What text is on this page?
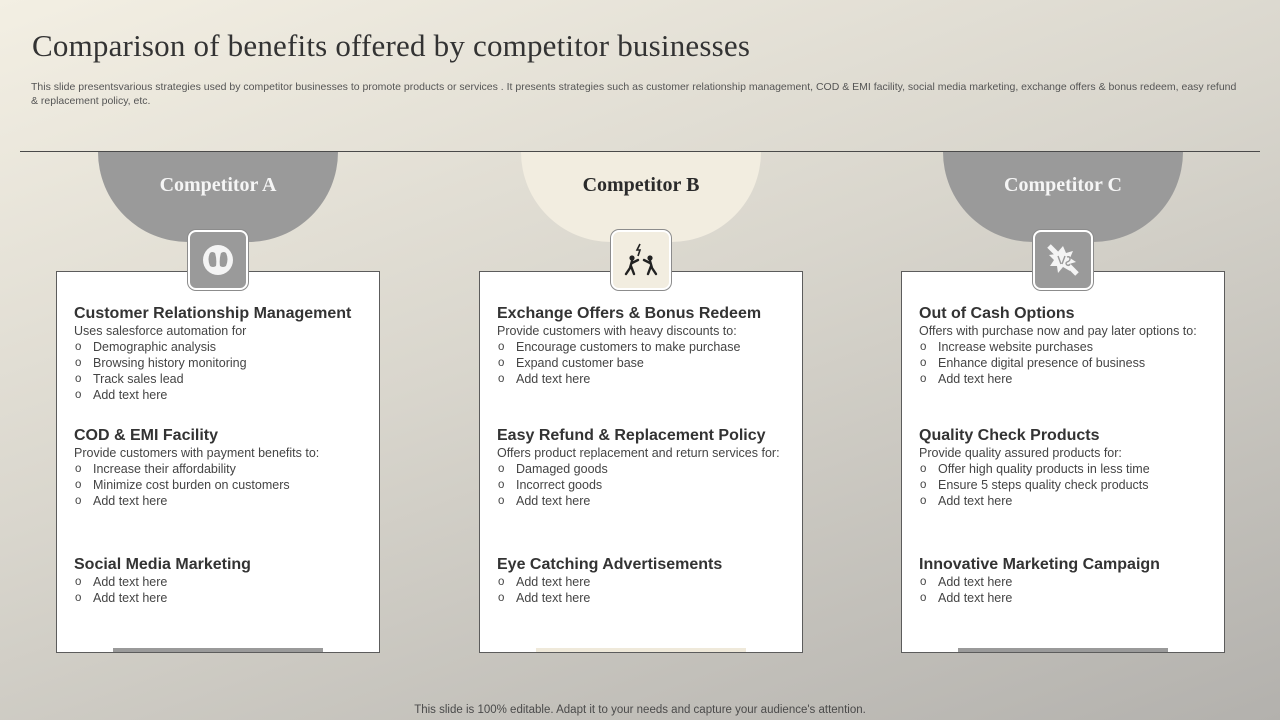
Comparison of benefits offered by competitor businesses
This slide presentsvarious strategies used by competitor businesses to promote products or services . It presents strategies such as customer relationship management, COD & EMI facility, social media marketing, exchange offers & bonus redeem, easy refund & replacement policy, etc.
Competitor A
Customer Relationship Management
Uses salesforce automation for
o Demographic analysis
o Browsing history monitoring
o Track sales lead
o Add text here
COD & EMI Facility
Provide customers with payment benefits to:
o Increase their affordability
o Minimize cost burden on customers
o Add text here
Social Media Marketing
o Add text here
o Add text here
Competitor B
Exchange Offers & Bonus Redeem
Provide customers with heavy discounts to:
o Encourage customers to make purchase
o Expand customer base
o Add text here
Easy Refund & Replacement Policy
Offers product replacement and return services for:
o Damaged goods
o Incorrect goods
o Add text here
Eye Catching Advertisements
o Add text here
o Add text here
Competitor C
Out of Cash Options
Offers with purchase now and pay later options to:
o Increase website purchases
o Enhance digital presence of business
o Add text here
Quality Check Products
Provide quality assured products for:
o Offer high quality products in less time
o Ensure 5 steps quality check products
o Add text here
Innovative Marketing Campaign
o Add text here
o Add text here
This slide is 100% editable. Adapt it to your needs and capture your audience's attention.
